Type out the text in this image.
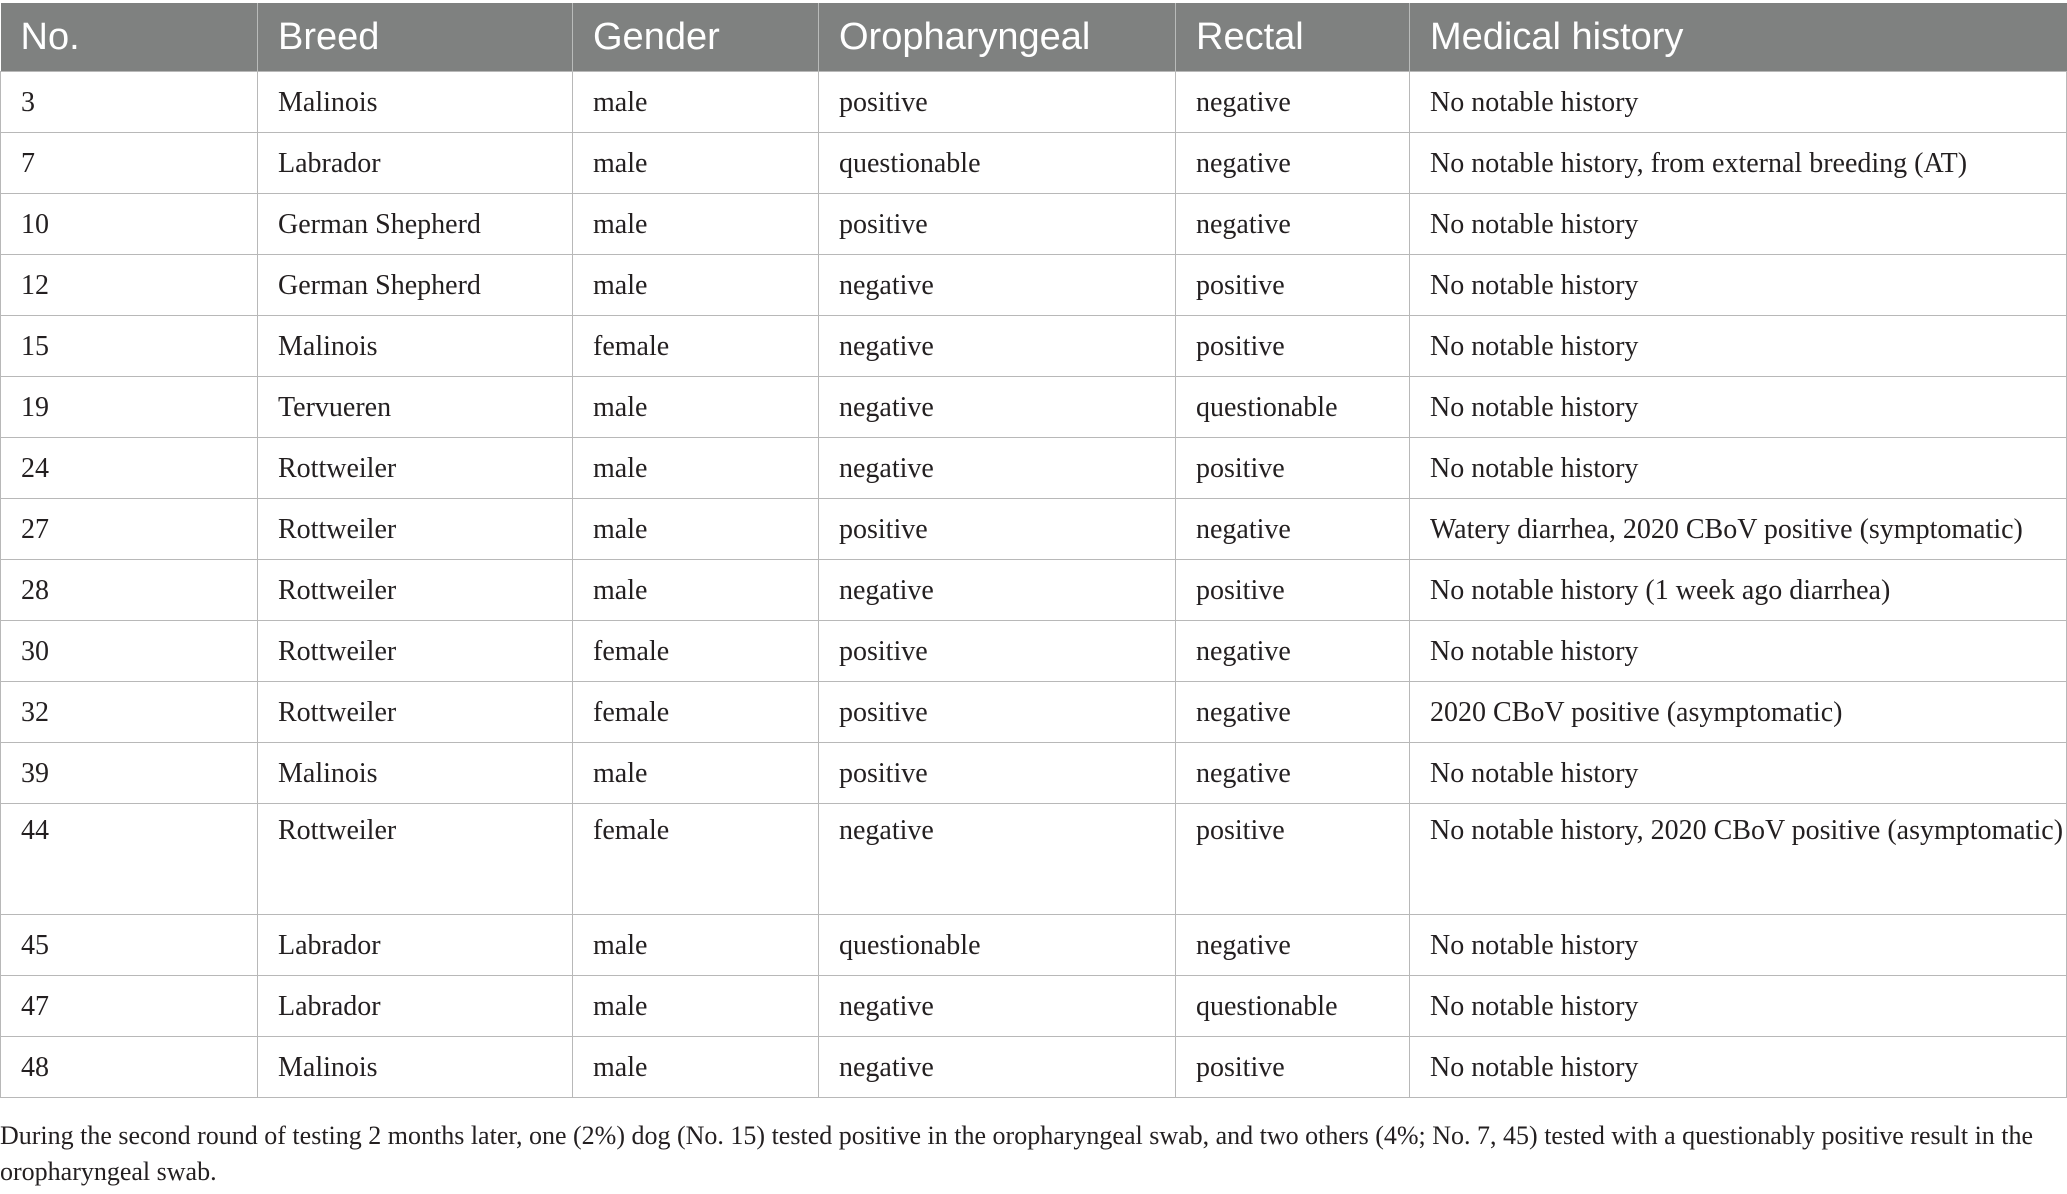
No.	Breed	Gender	Oropharyngeal	Rectal	Medical history
3	Malinois	male	positive	negative	No notable history
7	Labrador	male	questionable	negative	No notable history, from external breeding (AT)
10	German Shepherd	male	positive	negative	No notable history
12	German Shepherd	male	negative	positive	No notable history
15	Malinois	female	negative	positive	No notable history
19	Tervueren	male	negative	questionable	No notable history
24	Rottweiler	male	negative	positive	No notable history
27	Rottweiler	male	positive	negative	Watery diarrhea, 2020 CBoV positive (symptomatic)
28	Rottweiler	male	negative	positive	No notable history (1 week ago diarrhea)
30	Rottweiler	female	positive	negative	No notable history
32	Rottweiler	female	positive	negative	2020 CBoV positive (asymptomatic)
39	Malinois	male	positive	negative	No notable history
44	Rottweiler	female	negative	positive	No notable history, 2020 CBoV positive (asymptomatic)
45	Labrador	male	questionable	negative	No notable history
47	Labrador	male	negative	questionable	No notable history
48	Malinois	male	negative	positive	No notable history
During the second round of testing 2 months later, one (2%) dog (No. 15) tested positive in the oropharyngeal swab, and two others (4%; No. 7, 45) tested with a questionably positive result in the oropharyngeal swab.
